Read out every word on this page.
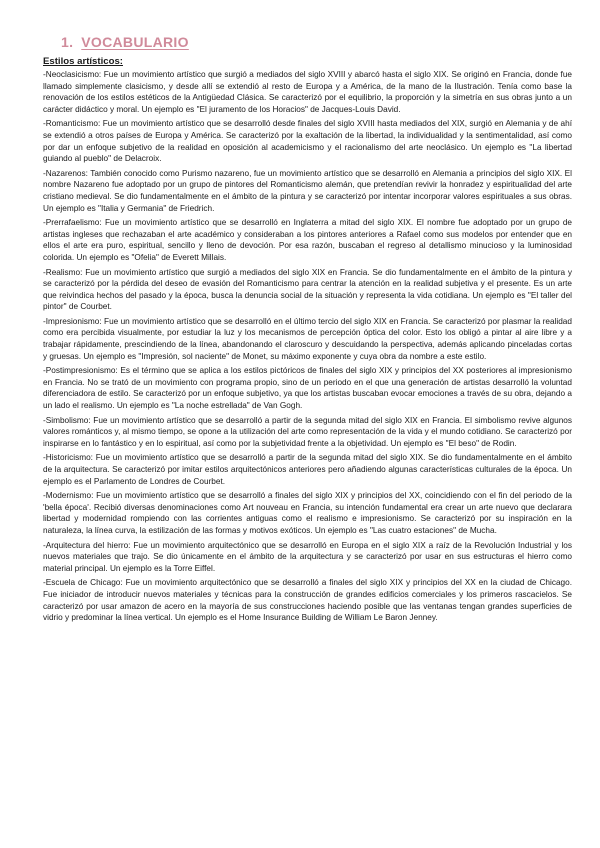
1. VOCABULARIO
Estilos artísticos:

-Neoclasicismo: Fue un movimiento artístico que surgió a mediados del siglo XVIII y abarcó hasta el siglo XIX. Se originó en Francia, donde fue llamado simplemente clasicismo, y desde allí se extendió al resto de Europa y a América, de la mano de la Ilustración. Tenía como base la renovación de los estilos estéticos de la Antigüedad Clásica. Se caracterizó por el equilibrio, la proporción y la simetría en sus obras junto a un carácter didáctico y moral. Un ejemplo es "El juramento de los Horacios" de Jacques-Louis David.

-Romanticismo: Fue un movimiento artístico que se desarrolló desde finales del siglo XVIII hasta mediados del XIX, surgió en Alemania y de ahí se extendió a otros países de Europa y América. Se caracterizó por la exaltación de la libertad, la individualidad y la sentimentalidad, así como por dar un enfoque subjetivo de la realidad en oposición al academicismo y el racionalismo del arte neoclásico. Un ejemplo es "La libertad guiando al pueblo" de Delacroix.

-Nazarenos: También conocido como Purismo nazareno, fue un movimiento artístico que se desarrolló en Alemania a principios del siglo XIX. El nombre Nazareno fue adoptado por un grupo de pintores del Romanticismo alemán, que pretendían revivir la honradez y espiritualidad del arte cristiano medieval. Se dio fundamentalmente en el ámbito de la pintura y se caracterizó por intentar incorporar valores espirituales a sus obras. Un ejemplo es "Italia y Germania" de Friedrich.

-Prerrafaelismo: Fue un movimiento artístico que se desarrolló en Inglaterra a mitad del siglo XIX. El nombre fue adoptado por un grupo de artistas ingleses que rechazaban el arte académico y consideraban a los pintores anteriores a Rafael como sus modelos por entender que en ellos el arte era puro, espiritual, sencillo y lleno de devoción. Por esa razón, buscaban el regreso al detallismo minucioso y la luminosidad colorida. Un ejemplo es "Ofelia" de Everett Millais.

-Realismo: Fue un movimiento artístico que surgió a mediados del siglo XIX en Francia. Se dio fundamentalmente en el ámbito de la pintura y se caracterizó por la pérdida del deseo de evasión del Romanticismo para centrar la atención en la realidad subjetiva y el presente. Es un arte que reivindica hechos del pasado y la época, busca la denuncia social de la situación y representa la vida cotidiana. Un ejemplo es "El taller del pintor" de Courbet.

-Impresionismo: Fue un movimiento artístico que se desarrolló en el último tercio del siglo XIX en Francia. Se caracterizó por plasmar la realidad como era percibida visualmente, por estudiar la luz y los mecanismos de percepción óptica del color. Esto los obligó a pintar al aire libre y a trabajar rápidamente, prescindiendo de la línea, abandonando el claroscuro y descuidando la perspectiva, además aplicando pinceladas cortas y gruesas. Un ejemplo es "Impresión, sol naciente" de Monet, su máximo exponente y cuya obra da nombre a este estilo.

-Postimpresionismo: Es el término que se aplica a los estilos pictóricos de finales del siglo XIX y principios del XX posteriores al impresionismo en Francia. No se trató de un movimiento con programa propio, sino de un periodo en el que una generación de artistas desarrolló la voluntad diferenciadora de estilo. Se caracterizó por un enfoque subjetivo, ya que los artistas buscaban evocar emociones a través de su obra, dejando a un lado el realismo. Un ejemplo es "La noche estrellada" de Van Gogh.

-Simbolismo: Fue un movimiento artístico que se desarrolló a partir de la segunda mitad del siglo XIX en Francia. El simbolismo revive algunos valores románticos y, al mismo tiempo, se opone a la utilización del arte como representación de la vida y el mundo cotidiano. Se caracterizó por inspirarse en lo fantástico y en lo espiritual, así como por la subjetividad frente a la objetividad. Un ejemplo es "El beso" de Rodin.

-Historicismo: Fue un movimiento artístico que se desarrolló a partir de la segunda mitad del siglo XIX. Se dio fundamentalmente en el ámbito de la arquitectura. Se caracterizó por imitar estilos arquitectónicos anteriores pero añadiendo algunas características culturales de la época. Un ejemplo es el Parlamento de Londres de Courbet.

-Modernismo: Fue un movimiento artístico que se desarrolló a finales del siglo XIX y principios del XX, coincidiendo con el fin del periodo de la 'bella época'. Recibió diversas denominaciones como Art nouveau en Francia, su intención fundamental era crear un arte nuevo que declarara libertad y modernidad rompiendo con las corrientes antiguas como el realismo e impresionismo. Se caracterizó por su inspiración en la naturaleza, la línea curva, la estilización de las formas y motivos exóticos. Un ejemplo es "Las cuatro estaciones" de Mucha.

-Arquitectura del hierro: Fue un movimiento arquitectónico que se desarrolló en Europa en el siglo XIX a raíz de la Revolución Industrial y los nuevos materiales que trajo. Se dio únicamente en el ámbito de la arquitectura y se caracterizó por usar en sus estructuras el hierro como material principal. Un ejemplo es la Torre Eiffel.

-Escuela de Chicago: Fue un movimiento arquitectónico que se desarrolló a finales del siglo XIX y principios del XX en la ciudad de Chicago. Fue iniciador de introducir nuevos materiales y técnicas para la construcción de grandes edificios comerciales y los primeros rascacielos. Se caracterizó por usar amazon de acero en la mayoría de sus construcciones haciendo posible que las ventanas tengan grandes superficies de vidrio y predominar la línea vertical. Un ejemplo es el Home Insurance Building de William Le Baron Jenney.
